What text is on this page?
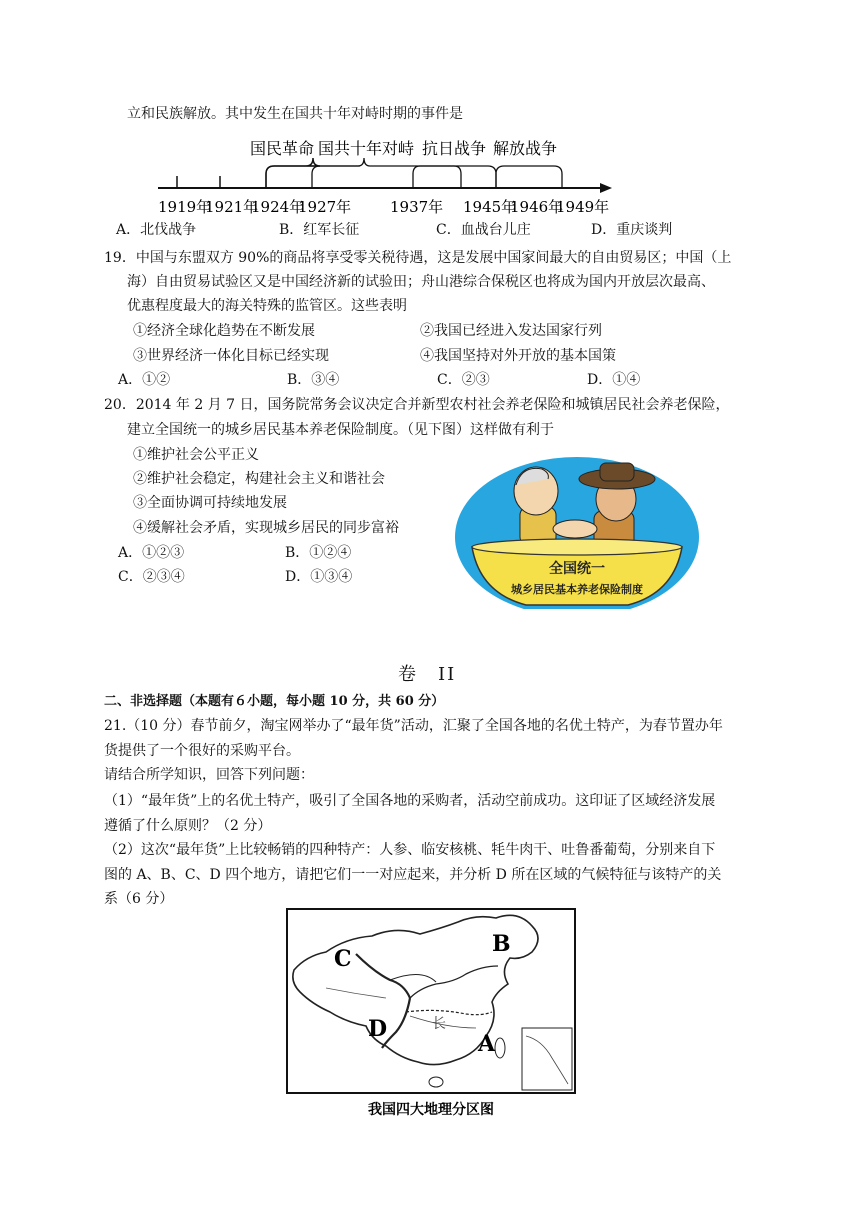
立和民族解放。其中发生在国共十年对峙时期的事件是
国民革命 国共十年对峙 抗日战争 解放战争
1919年
1921年
1924年
1927年	1937年 1945年
1946年
1949年
A．北伐战争	B．红军长征	C．血战台儿庄	D．重庆谈判
19．中国与东盟双方 90%的商品将享受零关税待遇，这是发展中国家间最大的自由贸易区；中国（上
海）自由贸易试验区又是中国经济新的试验田；舟山港综合保税区也将成为国内开放层次最高、
优惠程度最大的海关特殊的监管区。这些表明
①经济全球化趋势在不断发展	②我国已经进入发达国家行列
③世界经济一体化目标已经实现	④我国坚持对外开放的基本国策
A．①②	B．③④	C．②③	D．①④
20．2014 年 2 月 7 日，国务院常务会议决定合并新型农村社会养老保险和城镇居民社会养老保险，
建立全国统一的城乡居民基本养老保险制度。（见下图）这样做有利于
①维护社会公平正义
②维护社会稳定，构建社会主义和谐社会
③全面协调可持续地发展
④缓解社会矛盾，实现城乡居民的同步富裕
A．①②③	B．①②④
C．②③④	D．①③④	全国统一
城乡居民基本养老保险制度
卷　II
二、非选择题（本题有６小题，每小题 10 分，共 60 分）
21.（10 分）春节前夕，淘宝网举办了“最年货”活动，汇聚了全国各地的名优土特产，为春节置办年
货提供了一个很好的采购平台。
请结合所学知识，回答下列问题：
（1）“最年货”上的名优土特产，吸引了全国各地的采购者，活动空前成功。这印证了区域经济发展
遵循了什么原则？（2 分）
（2）这次“最年货”上比较畅销的四种特产：人参、临安核桃、牦牛肉干、吐鲁番葡萄，分别来自下
图的 A、B、C、D 四个地方，请把它们一一对应起来，并分析 D 所在区域的气候特征与该特产的关
系（6 分）
B
C
D
A
长
我国四大地理分区图
